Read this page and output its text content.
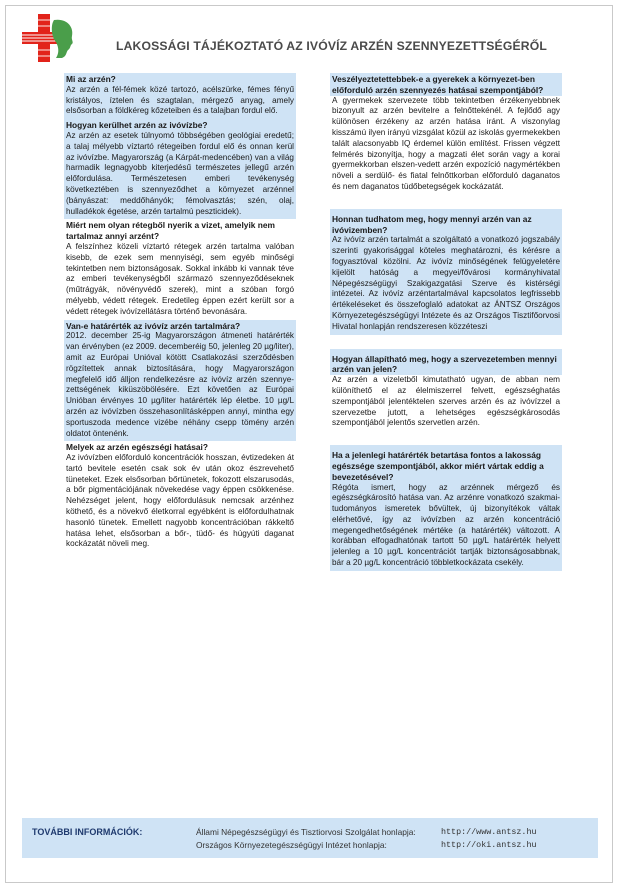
LAKOSSÁGI TÁJÉKOZTATÓ AZ IVÓVÍZ ARZÉN SZENNYEZETTSÉGÉRŐL

Mi az arzén?

Az arzén a fél-fémek közé tartozó, acélszürke, fémes fényű kristályos, íztelen és szagtalan, mérgező anyag, amely elsősorban a földkéreg kőzeteiben és a talajban fordul elő.

Hogyan kerülhet arzén az ivóvízbe?

Az arzén az esetek túlnyomó többségében geológiai eredetű; a talaj mélyebb víztartó rétegeiben fordul elő és onnan kerül az ivóvízbe. Magyarország (a Kárpát-medencében) van a világ harmadik legnagyobb kiterjedésű természetes jellegű arzén előfordulása. Természetesen emberi tevékenység következtében is szennyeződhet a környezet arzénnel (bányászat: meddőhányók; fémolvasztás; szén, olaj, hulladékok égetése, arzén tartalmú peszticidek).

Miért nem olyan rétegből nyerik a vizet, amelyik nem tartalmaz annyi arzént?

A felszínhez közeli víztartó rétegek arzén tartalma valóban kisebb, de ezek sem mennyiségi, sem egyéb minőségi tekintetben nem biztonságosak. Sokkal inkább ki vannak téve az emberi tevékenységből származó szennyeződéseknek (műtrágyák, növényvédő szerek), mint a szóban forgó mélyebb, védett rétegek. Eredetileg éppen ezért került sor a védett rétegek ivóvízellátásra történő bevonására.

Van-e határérték az ivóvíz arzén tartalmára?

2012. december 25-ig Magyarországon átmeneti határérték van érvényben (ez 2009. decemberéig 50, jelenleg 20 µg/liter), amit az Európai Unióval kötött Csatlakozási szerződésben rögzítettek annak biztosítására, hogy Magyarországon megfelelő idő álljon rendelkezésre az ivóvíz arzén szennye-zettségének kiküszöbölésére. Ezt követően az Európai Unióban érvényes 10 µg/liter határérték lép életbe. 10 µg/L arzén az ivóvízben összehasonlításképpen annyi, mintha egy sportuszoda medence vizébe néhány csepp tömény arzén oldatot öntenénk.

Melyek az arzén egészségi hatásai?

Az ivóvízben előforduló koncentrációk hosszan, évtizedeken át tartó bevitele esetén csak sok év után okoz észrevehető tüneteket. Ezek elsősorban bőrtünetek, fokozott elszarusodás, a bőr pigmentációjának növekedése vagy éppen csökkenése. Nehézséget jelent, hogy előfordulásuk nemcsak arzénhez köthető, és a növekvő életkorral egyébként is előfordulhatnak hasonló tünetek. Emellett nagyobb koncentrációban rákkeltő hatása lehet, elsősorban a bőr-, tüdő- és húgyúti daganat kockázatát növeli meg.

Veszélyeztetettebbek-e a gyerekek a környezet-ben előforduló arzén szennyezés hatásai szempontjából?

A gyermekek szervezete több tekintetben érzékenyebbnek bizonyult az arzén bevitelre a felnőttekénél. A fejlődő agy különösen érzékeny az arzén hatása iránt. A viszonylag kisszámú ilyen irányú vizsgálat közül az iskolás gyermekekben talált alacsonyabb IQ érdemel külön említést. Frissen végzett felmérés bizonyítja, hogy a magzati élet során vagy a korai gyermekkorban elszen-vedett arzén expozíció nagymértékben növeli a serdülő- és fiatal felnőttkorban előforduló daganatos és nem daganatos tüdőbetegségek kockázatát.

Honnan tudhatom meg, hogy mennyi arzén van az ivóvizemben?

Az ivóvíz arzén tartalmát a szolgáltató a vonatkozó jogszabály szerinti gyakorisággal köteles meghatározni, és kérésre a fogyasztóval közölni. Az ivóvíz minőségének felügyeletére kijelölt hatóság a megyei/fővárosi kormányhivatal Népegészségügyi Szakigazgatási Szerve és kistérségi intézetei. Az ivóvíz arzéntartalmával kapcsolatos legfrissebb értékeléseket és összefoglaló adatokat az ÁNTSZ Országos Környezetegészségügyi Intézete és az Országos Tisztifőorvosi Hivatal honlapján rendszeresen közzéteszi

Hogyan állapítható meg, hogy a szervezetemben mennyi arzén van jelen?

Az arzén a vizeletből kimutatható ugyan, de abban nem különíthető el az élelmiszerrel felvett, egészséghatás szempontjából jelentéktelen szerves arzén és az ivóvízzel a szervezetbe jutott, a lehetséges egészségkárosodás szempontjából jelentős szervetlen arzén.

Ha a jelenlegi határérték betartása fontos a lakosság egészsége szempontjából, akkor miért vártak eddig a bevezetésével?

Régóta ismert, hogy az arzénnek mérgező és egészségkárosító hatása van. Az arzénre vonatkozó szakmai-tudományos ismeretek bővültek, új bizonyítékok váltak elérhetővé, így az ivóvízben az arzén koncentráció megengedhetőségének mértéke (a határérték) változott. A korábban elfogadhatónak tartott 50 µg/L határérték helyett jelenleg a 10 µg/L koncentrációt tartják biztonságosabbnak, bár a 20 µg/L koncentráció többletkockázata csekély.

TOVÁBBI INFORMÁCIÓK:	Állami Népegészségügyi és Tisztiorvosi Szolgálat honlapja:	http://www.antsz.hu
Országos Környezetegészségügyi Intézet honlapja:	http://oki.antsz.hu
